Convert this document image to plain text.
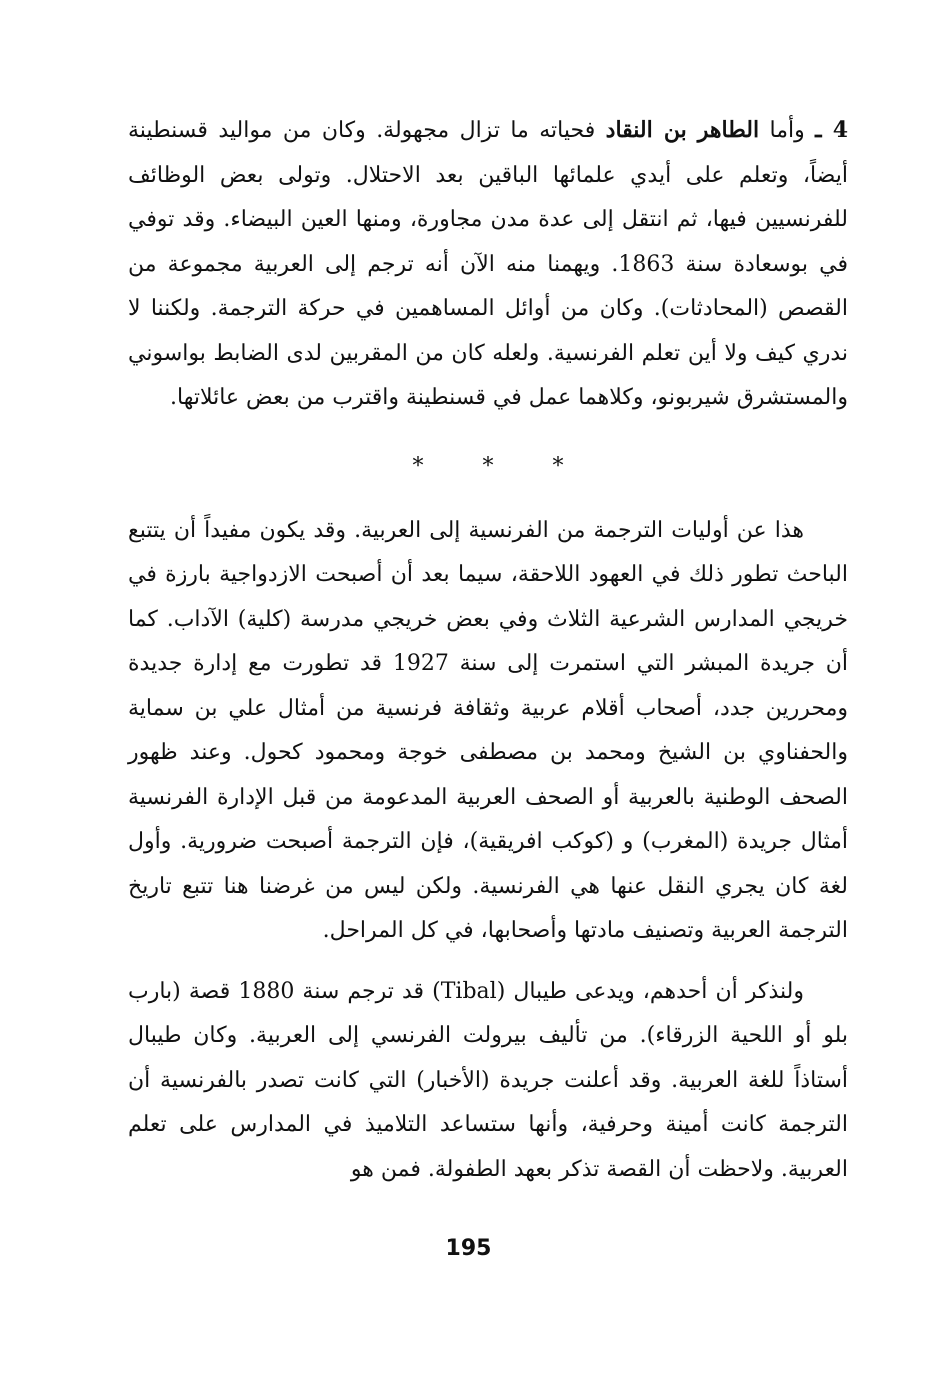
4 ـ وأما الطاهر بن النقاد فحياته ما تزال مجهولة. وكان من مواليد قسنطينة أيضاً، وتعلم على أيدي علمائها الباقين بعد الاحتلال. وتولى بعض الوظائف للفرنسيين فيها، ثم انتقل إلى عدة مدن مجاورة، ومنها العين البيضاء. وقد توفي في بوسعادة سنة 1863. ويهمنا منه الآن أنه ترجم إلى العربية مجموعة من القصص (المحادثات). وكان من أوائل المساهمين في حركة الترجمة. ولكننا لا ندري كيف ولا أين تعلم الفرنسية. ولعله كان من المقربين لدى الضابط بواسوني والمستشرق شيربونو، وكلاهما عمل في قسنطينة واقترب من بعض عائلاتها.

*	*	*

هذا عن أوليات الترجمة من الفرنسية إلى العربية. وقد يكون مفيداً أن يتتبع الباحث تطور ذلك في العهود اللاحقة، سيما بعد أن أصبحت الازدواجية بارزة في خريجي المدارس الشرعية الثلاث وفي بعض خريجي مدرسة (كلية) الآداب. كما أن جريدة المبشر التي استمرت إلى سنة 1927 قد تطورت مع إدارة جديدة ومحررين جدد، أصحاب أقلام عربية وثقافة فرنسية من أمثال علي بن سماية والحفناوي بن الشيخ ومحمد بن مصطفى خوجة ومحمود كحول. وعند ظهور الصحف الوطنية بالعربية أو الصحف العربية المدعومة من قبل الإدارة الفرنسية أمثال جريدة (المغرب) و (كوكب افريقية)، فإن الترجمة أصبحت ضرورية. وأول لغة كان يجري النقل عنها هي الفرنسية. ولكن ليس من غرضنا هنا تتبع تاريخ الترجمة العربية وتصنيف مادتها وأصحابها، في كل المراحل.

ولنذكر أن أحدهم، ويدعى طيبال (Tibal) قد ترجم سنة 1880 قصة (بارب بلو أو اللحية الزرقاء). من تأليف بيرولت الفرنسي إلى العربية. وكان طيبال أستاذاً للغة العربية. وقد أعلنت جريدة (الأخبار) التي كانت تصدر بالفرنسية أن الترجمة كانت أمينة وحرفية، وأنها ستساعد التلاميذ في المدارس على تعلم العربية. ولاحظت أن القصة تذكر بعهد الطفولة. فمن هو

195
